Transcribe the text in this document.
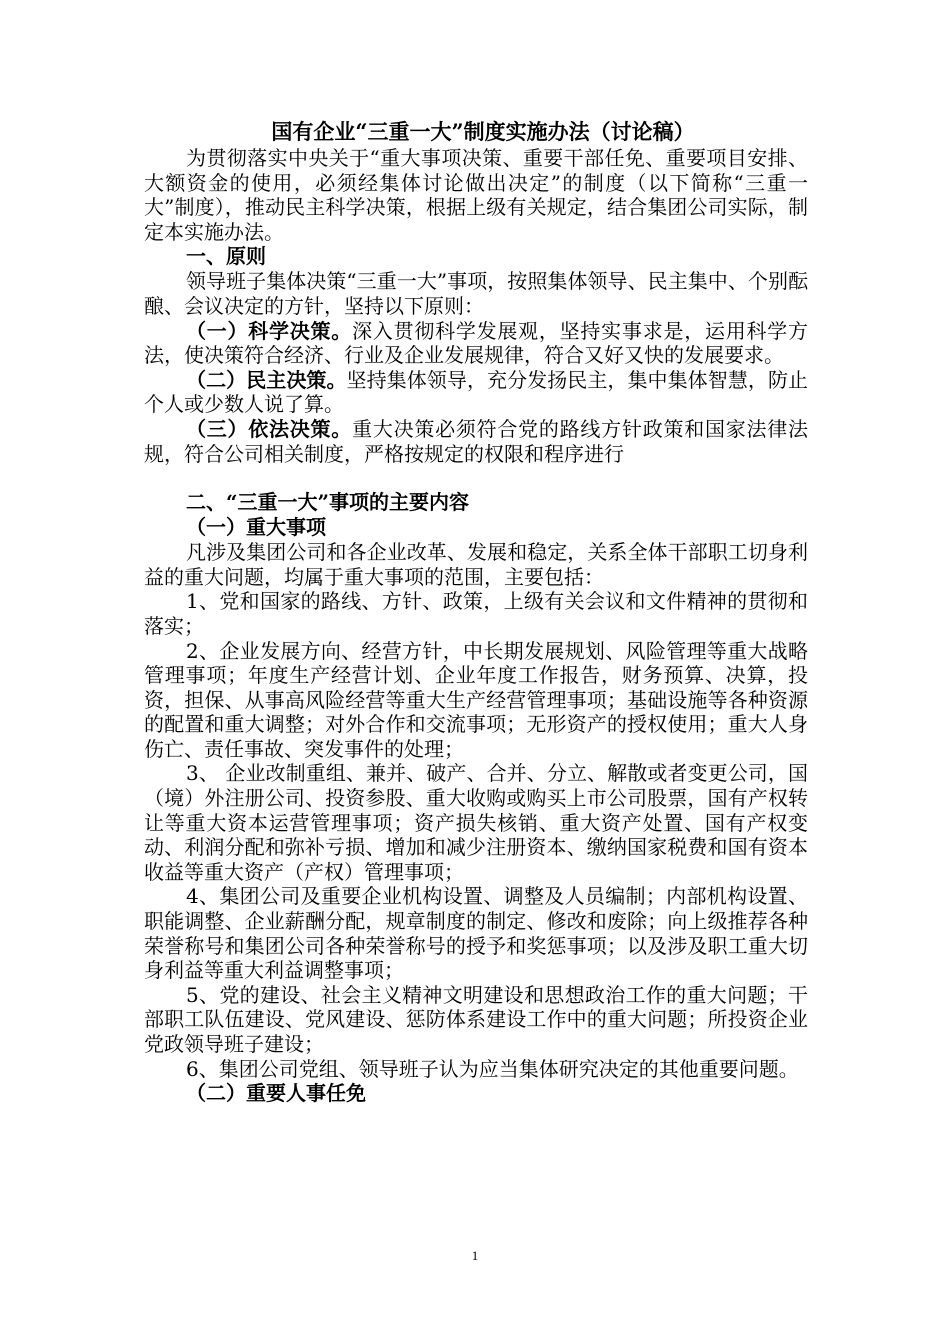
国有企业“三重一大”制度实施办法（讨论稿）

为贯彻落实中央关于“重大事项决策、重要干部任免、重要项目安排、大额资金的使用，必须经集体讨论做出决定”的制度（以下简称“三重一大”制度），推动民主科学决策，根据上级有关规定，结合集团公司实际，制定本实施办法。

一、原则

领导班子集体决策“三重一大”事项，按照集体领导、民主集中、个别酝酿、会议决定的方针，坚持以下原则：

（一）科学决策。深入贯彻科学发展观，坚持实事求是，运用科学方法，使决策符合经济、行业及企业发展规律，符合又好又快的发展要求。

（二）民主决策。坚持集体领导，充分发扬民主，集中集体智慧，防止个人或少数人说了算。

（三）依法决策。重大决策必须符合党的路线方针政策和国家法律法规，符合公司相关制度，严格按规定的权限和程序进行

二、“三重一大”事项的主要内容

（一）重大事项

凡涉及集团公司和各企业改革、发展和稳定，关系全体干部职工切身利益的重大问题，均属于重大事项的范围，主要包括：

1、党和国家的路线、方针、政策，上级有关会议和文件精神的贯彻和落实；

2、企业发展方向、经营方针，中长期发展规划、风险管理等重大战略管理事项；年度生产经营计划、企业年度工作报告，财务预算、决算，投资，担保、从事高风险经营等重大生产经营管理事项；基础设施等各种资源的配置和重大调整；对外合作和交流事项；无形资产的授权使用；重大人身伤亡、责任事故、突发事件的处理；

3、 企业改制重组、兼并、破产、合并、分立、解散或者变更公司，国（境）外注册公司、投资参股、重大收购或购买上市公司股票，国有产权转让等重大资本运营管理事项；资产损失核销、重大资产处置、国有产权变动、利润分配和弥补亏损、增加和减少注册资本、缴纳国家税费和国有资本收益等重大资产（产权）管理事项；

4、集团公司及重要企业机构设置、调整及人员编制；内部机构设置、职能调整、企业薪酬分配，规章制度的制定、修改和废除；向上级推荐各种荣誉称号和集团公司各种荣誉称号的授予和奖惩事项；以及涉及职工重大切身利益等重大利益调整事项；

5、党的建设、社会主义精神文明建设和思想政治工作的重大问题；干部职工队伍建设、党风建设、惩防体系建设工作中的重大问题；所投资企业党政领导班子建设；

6、集团公司党组、领导班子认为应当集体研究决定的其他重要问题。

（二）重要人事任免

1
